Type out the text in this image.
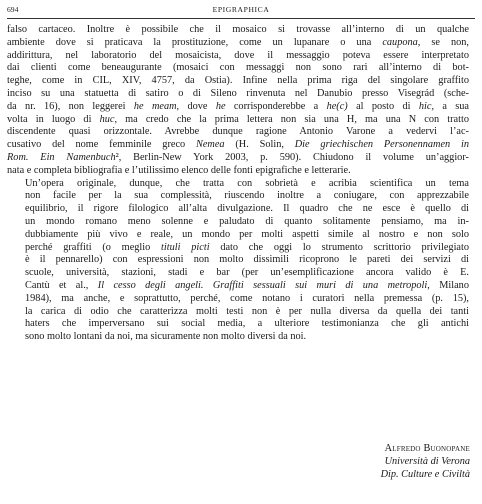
694	EPIGRAPHICA

falso cartaceo. Inoltre è possibile che il mosaico si trovasse all’interno di un qualche
ambiente dove si praticava la prostituzione, come un lupanare o una caupona, se non,
addirittura, nel laboratorio del mosaicista, dove il messaggio poteva essere interpretato
dai clienti come beneaugurante (mosaici con messaggi non sono rari all’interno di bot-
teghe, come in CIL, XIV, 4757, da Ostia). Infine nella prima riga del singolare graffito
inciso su una statuetta di satiro o di Sileno rinvenuta nel Danubio presso Visegrád (sche-
da nr. 16), non leggerei he meam, dove he corrisponderebbe a he(c) al posto di hic, a sua
volta in luogo di huc, ma credo che la prima lettera non sia una H, ma una N con tratto
discendente quasi orizzontale. Avrebbe dunque ragione Antonio Varone a vedervi l’ac-
cusativo del nome femminile greco Nemea (H. Solin, Die griechischen Personennamen in
Rom. Ein Namenbuch², Berlin-New York 2003, p. 590). Chiudono il volume un’aggior-
nata e completa bibliografia e l’utilissimo elenco delle fonti epigrafiche e letterarie.

Un’opera originale, dunque, che tratta con sobrietà e acribia scientifica un tema
non facile per la sua complessità, riuscendo inoltre a coniugare, con apprezzabile
equilibrio, il rigore filologico all’alta divulgazione. Il quadro che ne esce è quello di
un mondo romano meno solenne e paludato di quanto solitamente pensiamo, ma in-
dubbiamente più vivo e reale, un mondo per molti aspetti simile al nostro e non solo
perché graffiti (o meglio tituli picti dato che oggi lo strumento scrittorio privilegiato
è il pennarello) con espressioni non molto dissimili ricoprono le pareti dei servizi di
scuole, università, stazioni, stadi e bar (per un’esemplificazione ancora valido è E.
Cantù et al., Il cesso degli angeli. Graffiti sessuali sui muri di una metropoli, Milano
1984), ma anche, e soprattutto, perché, come notano i curatori nella premessa (p. 15),
la carica di odio che caratterizza molti testi non è per nulla diversa da quella dei tanti
haters che imperversano sui social media, a ulteriore testimonianza che gli antichi
sono molto lontani da noi, ma sicuramente non molto diversi da noi.

Alfredo Buonopane
Università di Verona
Dip. Culture e Civiltà
